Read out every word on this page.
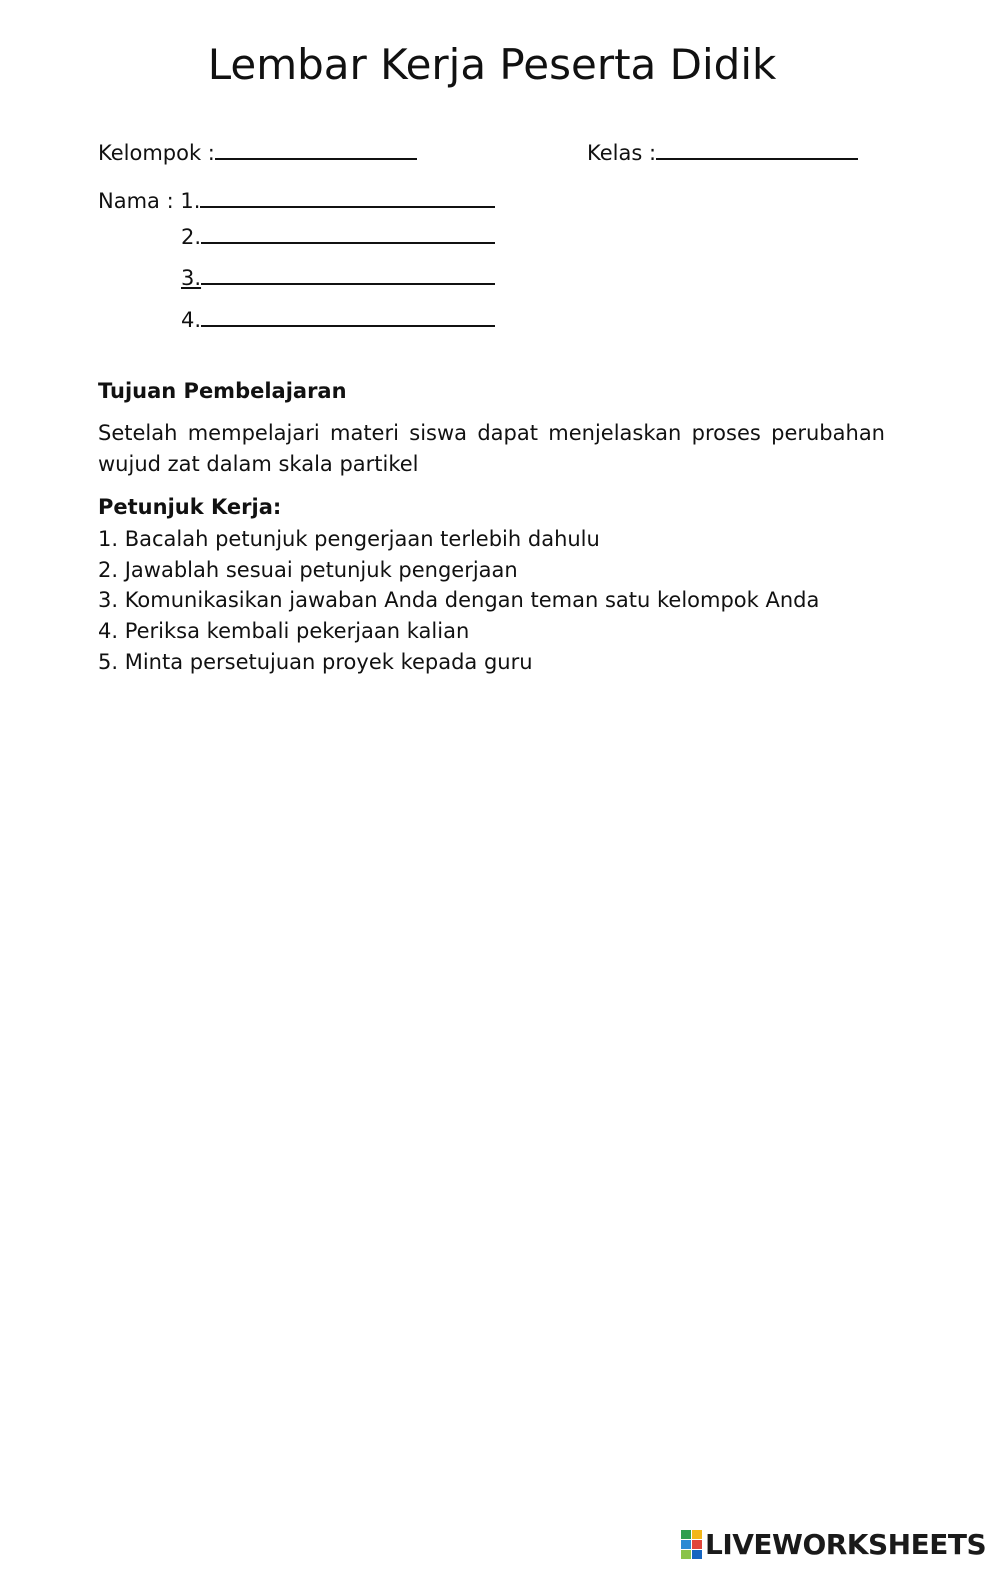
Lembar Kerja Peserta Didik
Kelompok :	Kelas :
Nama : 1.
2.
3.
4.
Tujuan Pembelajaran
Setelah mempelajari materi siswa dapat menjelaskan proses perubahan wujud zat dalam skala partikel
Petunjuk Kerja:
1. Bacalah petunjuk pengerjaan terlebih dahulu
2. Jawablah sesuai petunjuk pengerjaan
3. Komunikasikan jawaban Anda dengan teman satu kelompok Anda
4. Periksa kembali pekerjaan kalian
5. Minta persetujuan proyek kepada guru
LIVEWORKSHEETS
